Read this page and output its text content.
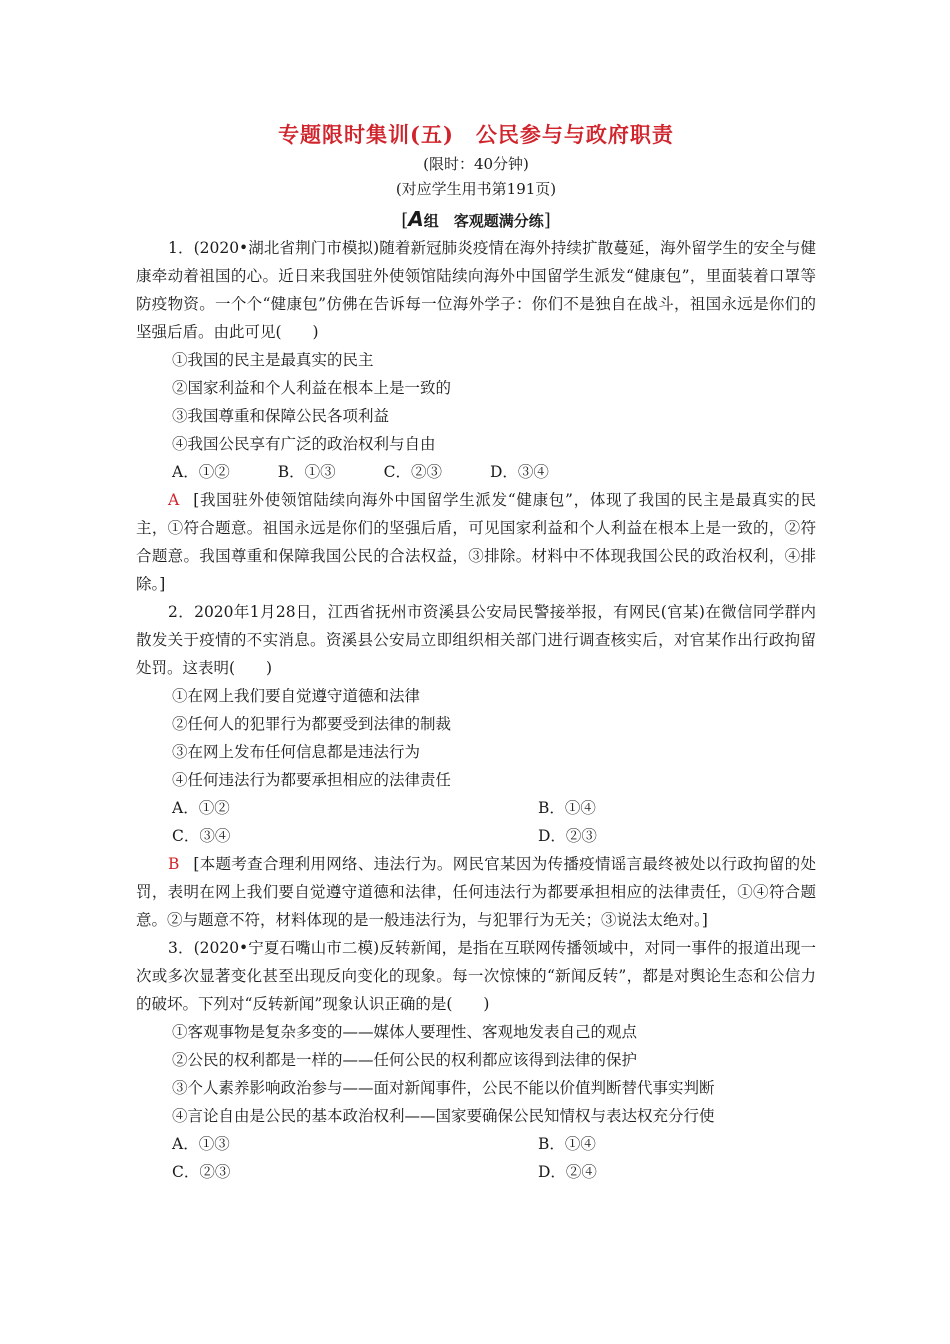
专题限时集训(五)　公民参与与政府职责

(限时：40分钟)

(对应学生用书第191页)

[A组　客观题满分练]

1．(2020•湖北省荆门市模拟)随着新冠肺炎疫情在海外持续扩散蔓延，海外留学生的安全与健康牵动着祖国的心。近日来我国驻外使领馆陆续向海外中国留学生派发“健康包”，里面装着口罩等防疫物资。一个个“健康包”仿佛在告诉每一位海外学子：你们不是独自在战斗，祖国永远是你们的坚强后盾。由此可见(　　)

①我国的民主是最真实的民主

②国家利益和个人利益在根本上是一致的

③我国尊重和保障公民各项利益

④我国公民享有广泛的政治权利与自由

A．①②	B．①③	C．②③	D．③④

A [我国驻外使领馆陆续向海外中国留学生派发“健康包”，体现了我国的民主是最真实的民主，①符合题意。祖国永远是你们的坚强后盾，可见国家利益和个人利益在根本上是一致的，②符合题意。我国尊重和保障我国公民的合法权益，③排除。材料中不体现我国公民的政治权利，④排除。]

2．2020年1月28日，江西省抚州市资溪县公安局民警接举报，有网民(官某)在微信同学群内散发关于疫情的不实消息。资溪县公安局立即组织相关部门进行调查核实后，对官某作出行政拘留处罚。这表明(　　)

①在网上我们要自觉遵守道德和法律

②任何人的犯罪行为都要受到法律的制裁

③在网上发布任何信息都是违法行为

④任何违法行为都要承担相应的法律责任

A．①②	B．①④
C．③④	D．②③

B [本题考查合理利用网络、违法行为。网民官某因为传播疫情谣言最终被处以行政拘留的处罚，表明在网上我们要自觉遵守道德和法律，任何违法行为都要承担相应的法律责任，①④符合题意。②与题意不符，材料体现的是一般违法行为，与犯罪行为无关；③说法太绝对。]

3．(2020•宁夏石嘴山市二模)反转新闻，是指在互联网传播领域中，对同一事件的报道出现一次或多次显著变化甚至出现反向变化的现象。每一次惊悚的“新闻反转”，都是对舆论生态和公信力的破坏。下列对“反转新闻”现象认识正确的是(　　)

①客观事物是复杂多变的——媒体人要理性、客观地发表自己的观点

②公民的权利都是一样的——任何公民的权利都应该得到法律的保护

③个人素养影响政治参与——面对新闻事件，公民不能以价值判断替代事实判断

④言论自由是公民的基本政治权利——国家要确保公民知情权与表达权充分行使

A．①③	B．①④
C．②③	D．②④
